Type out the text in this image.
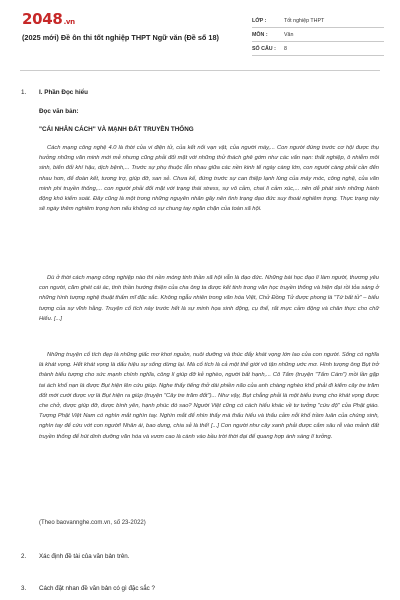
2048.vn
(2025 mới) Đề ôn thi tốt nghiệp THPT Ngữ văn (Đề số 18)
LỚP :	Tốt nghiệp THPT
MÔN :	Văn
SỐ CÂU :	8
1. I. Phần Đọc hiểu
Đọc văn bản:
"CÁI NHÂN CÁCH" VÀ MẠNH ĐẤT TRUYỀN THỐNG

Cách mạng công nghệ 4.0 là thời của vi điện tử, của kết nối vạn vật, của người máy,... Con người đứng trước cơ hội được thụ hưởng những văn minh mới mẻ nhưng cũng phải đối mặt với những thử thách ghê gớm như các vấn nạn: thất nghiệp, ô nhiễm môi sinh, biến đổi khí hậu, dịch bệnh,... Trước sự phụ thuộc lẫn nhau giữa các nền kinh tế ngày càng lớn, con người càng phải cần đến nhau hơn, để đoàn kết, tương trợ, giúp đỡ, san sẻ. Chưa kể, đứng trước sự can thiệp lạnh lùng của máy móc, công nghệ, của văn minh phi truyền thống,... con người phải đối mặt với trạng thái stress, sự vô cảm, chai lì cảm xúc,... nên dễ phát sinh những hành động khó kiểm soát. Đây cũng là một trong những nguyên nhân gây nên tình trạng đạo đức suy thoái nghiêm trọng. Thực trạng này sẽ ngày thêm nghiêm trọng hơn nếu không có sự chung tay ngăn chặn của toàn xã hội.

Dù ở thời cách mạng công nghiệp nào thì nền móng tinh thần xã hội vẫn là đạo đức. Những bài học đạo lí làm người, thương yêu con người, căm ghét cái ác, tinh thần hướng thiện của cha ông ta được kết tinh trong văn học truyền thống và hiện đại rồi tỏa sáng ở những hình tượng nghệ thuật thẩm mĩ đặc sắc. Không ngẫu nhiên trong văn hóa Việt, Chử Đồng Tử được phong là "Tứ bất tử" – biểu tượng của sự vĩnh hằng. Truyện cổ tích này trước hết là sự minh họa sinh động, cụ thể, rất mực cảm động và chân thực cho chữ Hiếu. [...]

Những truyện cổ tích đẹp là những giấc mơ khơi nguồn, nuôi dưỡng và thúc đẩy khát vọng lớn lao của con người. Sống có nghĩa là khát vọng. Hết khát vọng là dấu hiệu sự sống dừng lại. Mà cổ tích là cả một thế giới vô tận những ước mơ. Hình tượng ông Bụt trở thành biểu tượng cho sức mạnh chính nghĩa, công lí giúp đỡ kẻ nghèo, người bất hạnh,... Cô Tấm (truyện "Tấm Cám") mồi lần gặp tai ách khổ nạn là được Bụt hiện lên cứu giúp. Nghe thấy tiếng thở dài phiền não của anh chàng nghèo khổ phải đi kiếm cây tre trăm đốt mới cưới được vợ là Bụt hiện ra giúp (truyện "Cây tre trăm đốt")... Như vậy, Bụt chẳng phải là một biểu trưng cho khát vọng được che chở, được giúp đỡ, được bình yên, hạnh phúc đó sao? Người Việt cũng có cách hiểu khác về tư tưởng "cứu độ" của Phật giáo. Tượng Phật Việt Nam có nghìn mắt nghìn tay. Nghìn mắt để nhìn thấy mà thấu hiểu và thấu cảm nỗi khổ trầm luân của chúng sinh, nghìn tay để cứu vớt con người! Nhân ái, bao dung, chia sẻ là thế! [...] Con người như cây xanh phải được cắm sâu rễ vào mảnh đất truyền thống để hút dinh dưỡng văn hóa và vươn cao là cành vào bầu trời thời đại để quang hợp ánh sáng lí tưởng.

(Theo baovannghe.com.vn, số 23-2022)
2. Xác định đề tài của văn bản trên.
3. Cách đặt nhan đề văn bản có gì đặc sắc ?
